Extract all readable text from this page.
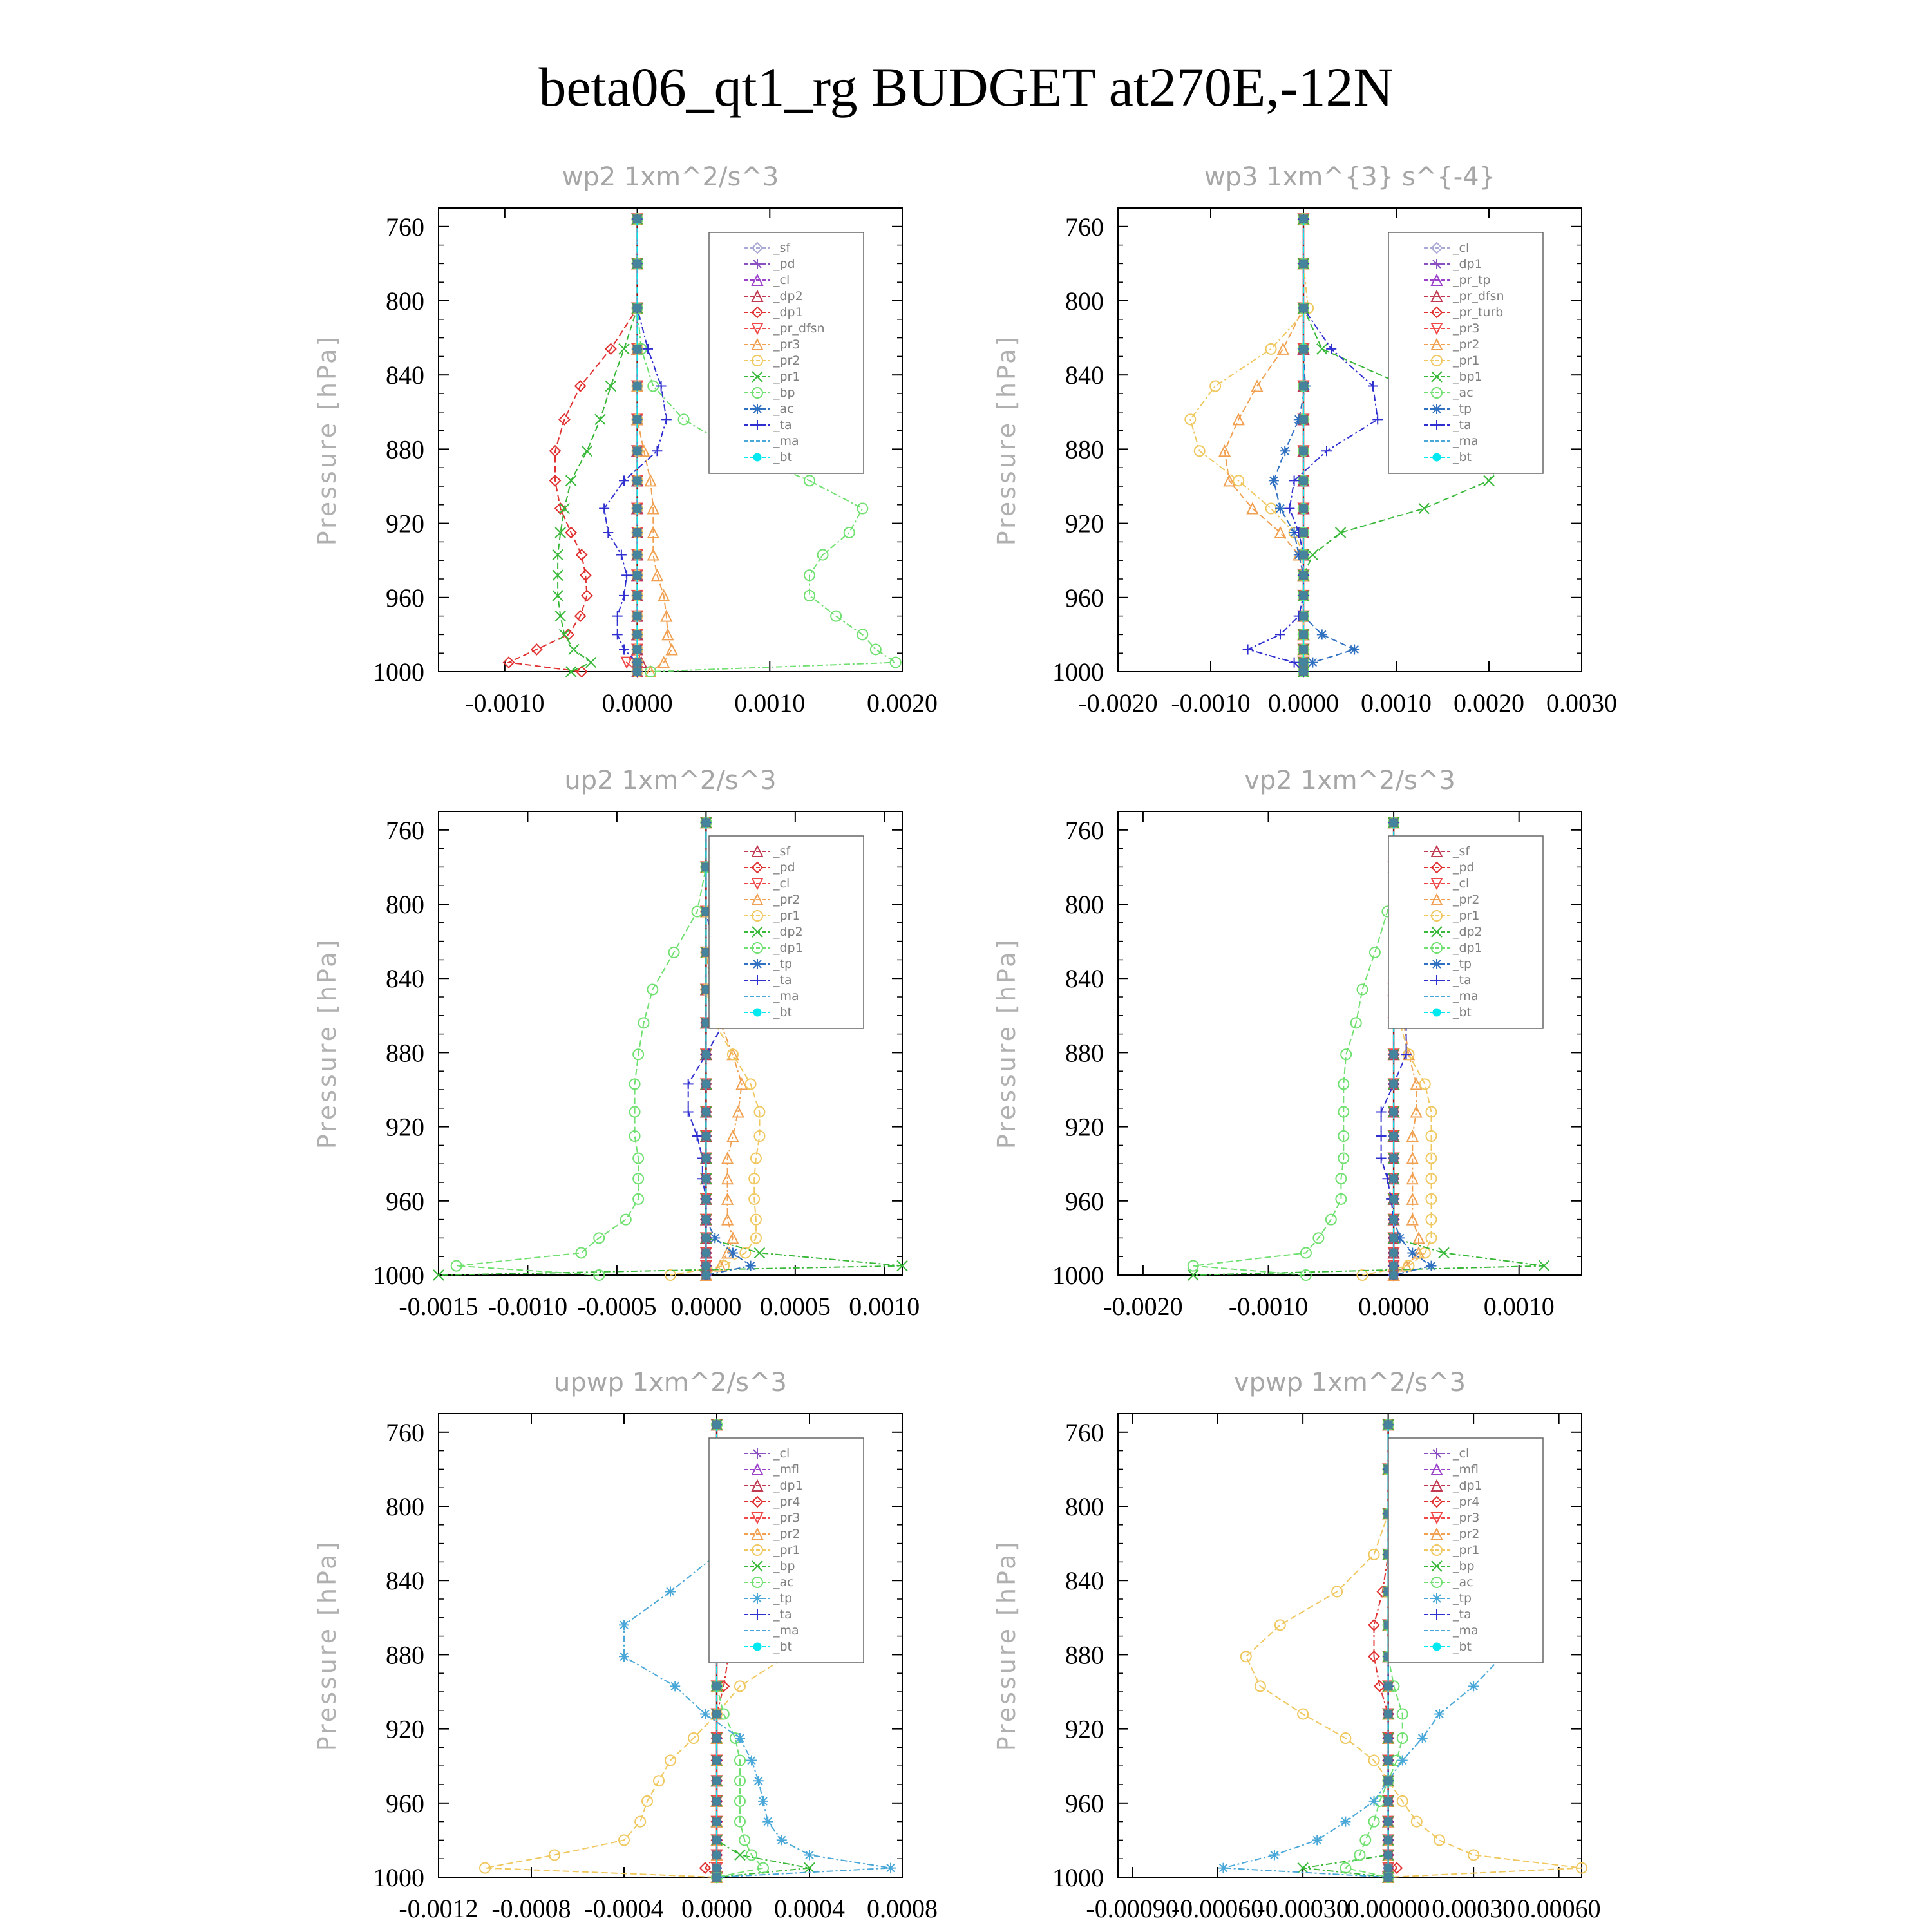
beta06_qt1_rg BUDGET at270E,-12N
wp2 1xm^2/s^3
Pressure [hPa]
760
800
840
880
920
960
1000
-0.0010 0.0000 0.0010 0.0020
_sf
_pd
_cl
_dp2
_dp1
_pr_dfsn
_pr3
_pr2
_pr1
_bp
_ac
_ta
_ma
_bt
wp3 1xm^{3} s^{-4}
Pressure [hPa]
760
800
840
880
920
960
1000
-0.0020 -0.0010 0.0000 0.0010 0.0020 0.0030
_cl
_dp1
_pr_tp
_pr_dfsn
_pr_turb
_pr3
_pr2
_pr1
_bp1
_ac
_tp
_ta
_ma
_bt
up2 1xm^2/s^3
Pressure [hPa]
760
800
840
880
920
960
1000
-0.0015 -0.0010 -0.0005 0.0000 0.0005 0.0010
_sf
_pd
_cl
_pr2
_pr1
_dp2
_dp1
_tp
_ta
_ma
_bt
vp2 1xm^2/s^3
Pressure [hPa]
760
800
840
880
920
960
1000
-0.0020 -0.0010 0.0000 0.0010
_sf
_pd
_cl
_pr2
_pr1
_dp2
_dp1
_tp
_ta
_ma
_bt
upwp 1xm^2/s^3
Pressure [hPa]
760
800
840
880
920
960
1000
-0.0012 -0.0008 -0.0004 0.0000 0.0004 0.0008
_cl
_mfl
_dp1
_pr4
_pr3
_pr2
_pr1
_bp
_ac
_tp
_ta
_ma
_bt
vpwp 1xm^2/s^3
Pressure [hPa]
760
800
840
880
920
960
1000
-0.00090
-0.00060
-0.00030
0.00000 0.00030 0.00060
_cl
_mfl
_dp1
_pr4
_pr3
_pr2
_pr1
_bp
_ac
_tp
_ta
_ma
_bt
